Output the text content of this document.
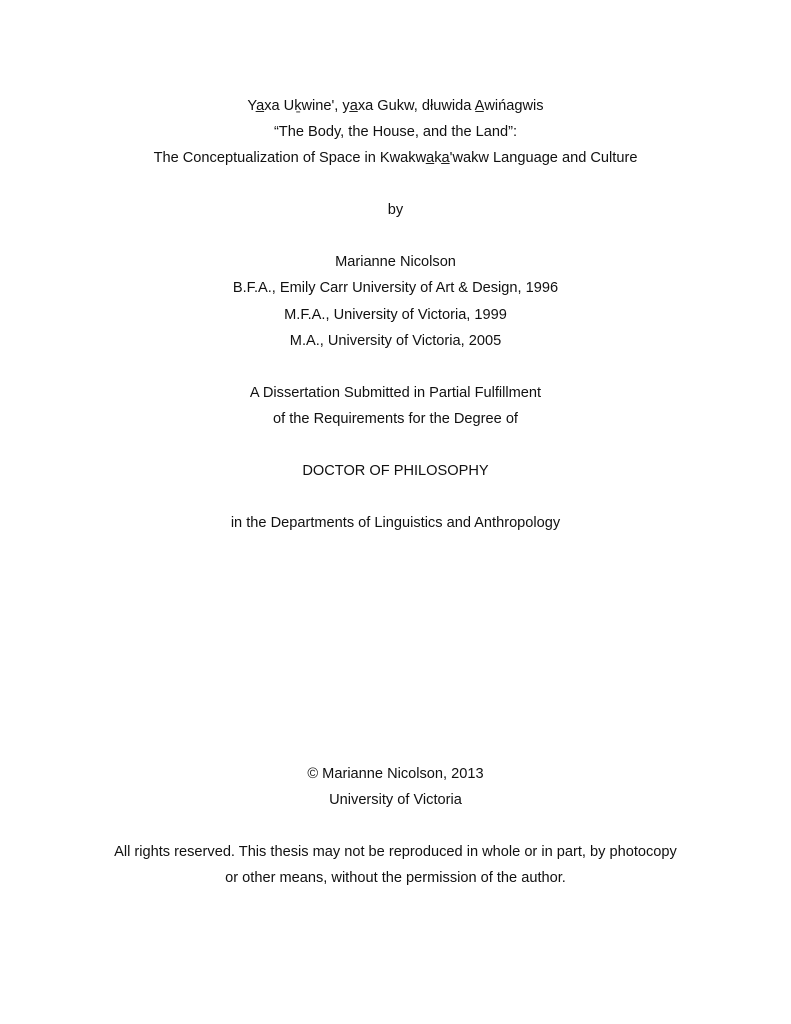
Ya̲xa Uḵwine', ya̲xa Gukw, dłuwida A̲wińagwis
“The Body, the House, and the Land”:
The Conceptualization of Space in Kwakwa̲ka̲'wakw Language and Culture
by
Marianne Nicolson
B.F.A., Emily Carr University of Art & Design, 1996
M.F.A., University of Victoria, 1999
M.A., University of Victoria, 2005
A Dissertation Submitted in Partial Fulfillment
of the Requirements for the Degree of
DOCTOR OF PHILOSOPHY
in the Departments of Linguistics and Anthropology
© Marianne Nicolson, 2013
University of Victoria
All rights reserved. This thesis may not be reproduced in whole or in part, by photocopy
or other means, without the permission of the author.
